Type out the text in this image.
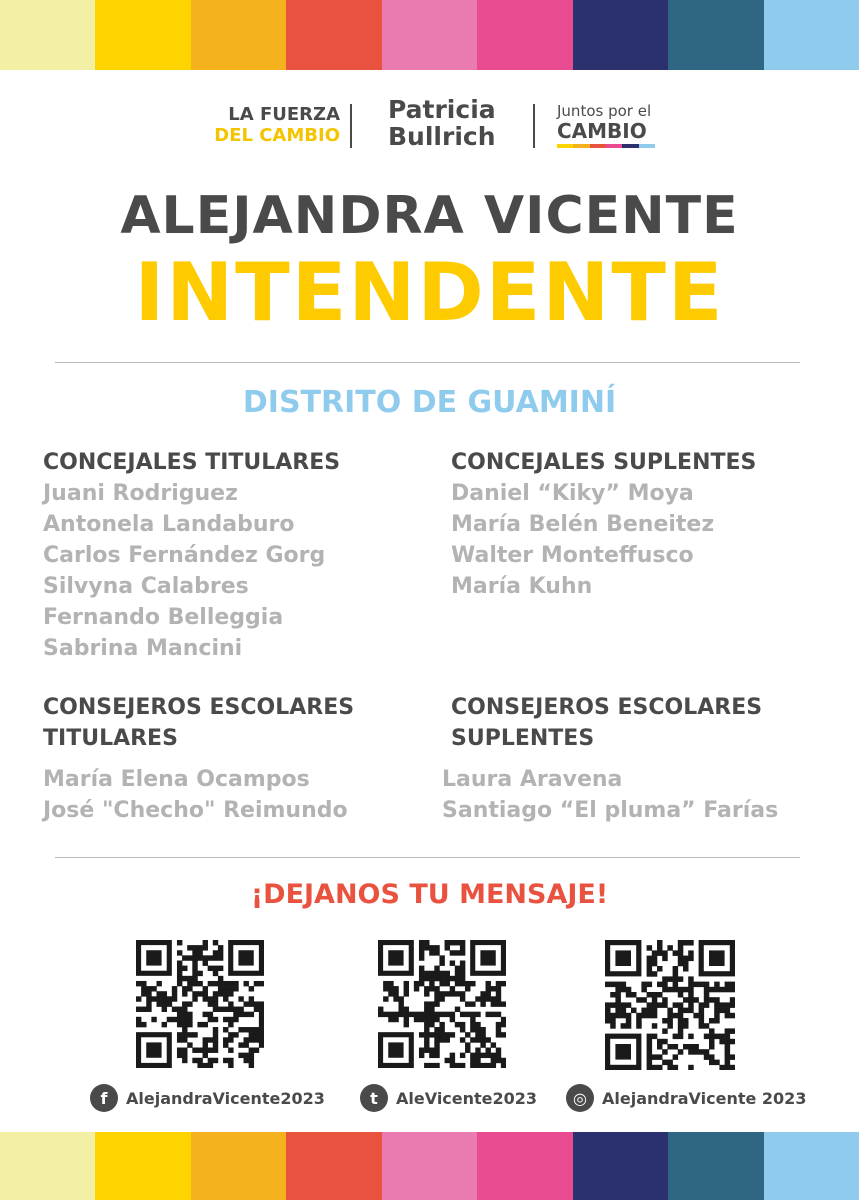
LA FUERZA
DEL CAMBIO
Patricia
Bullrich
Juntos por el
CAMBIO
ALEJANDRA VICENTE
INTENDENTE
DISTRITO DE GUAMINÍ
CONCEJALES TITULARES
Juani Rodriguez
Antonela Landaburo
Carlos Fernández Gorg
Silvyna Calabres
Fernando Belleggia
Sabrina Mancini
CONCEJALES SUPLENTES
Daniel “Kiky” Moya
María Belén Beneitez
Walter Monteffusco
María Kuhn
CONSEJEROS ESCOLARES
TITULARES
María Elena Ocampos
José "Checho" Reimundo
CONSEJEROS ESCOLARES
SUPLENTES
Laura Aravena
Santiago “El pluma” Farías
¡DEJANOS TU MENSAJE!
f	AlejandraVicente2023	t	AleVicente2023	◎ AlejandraVicente 2023
